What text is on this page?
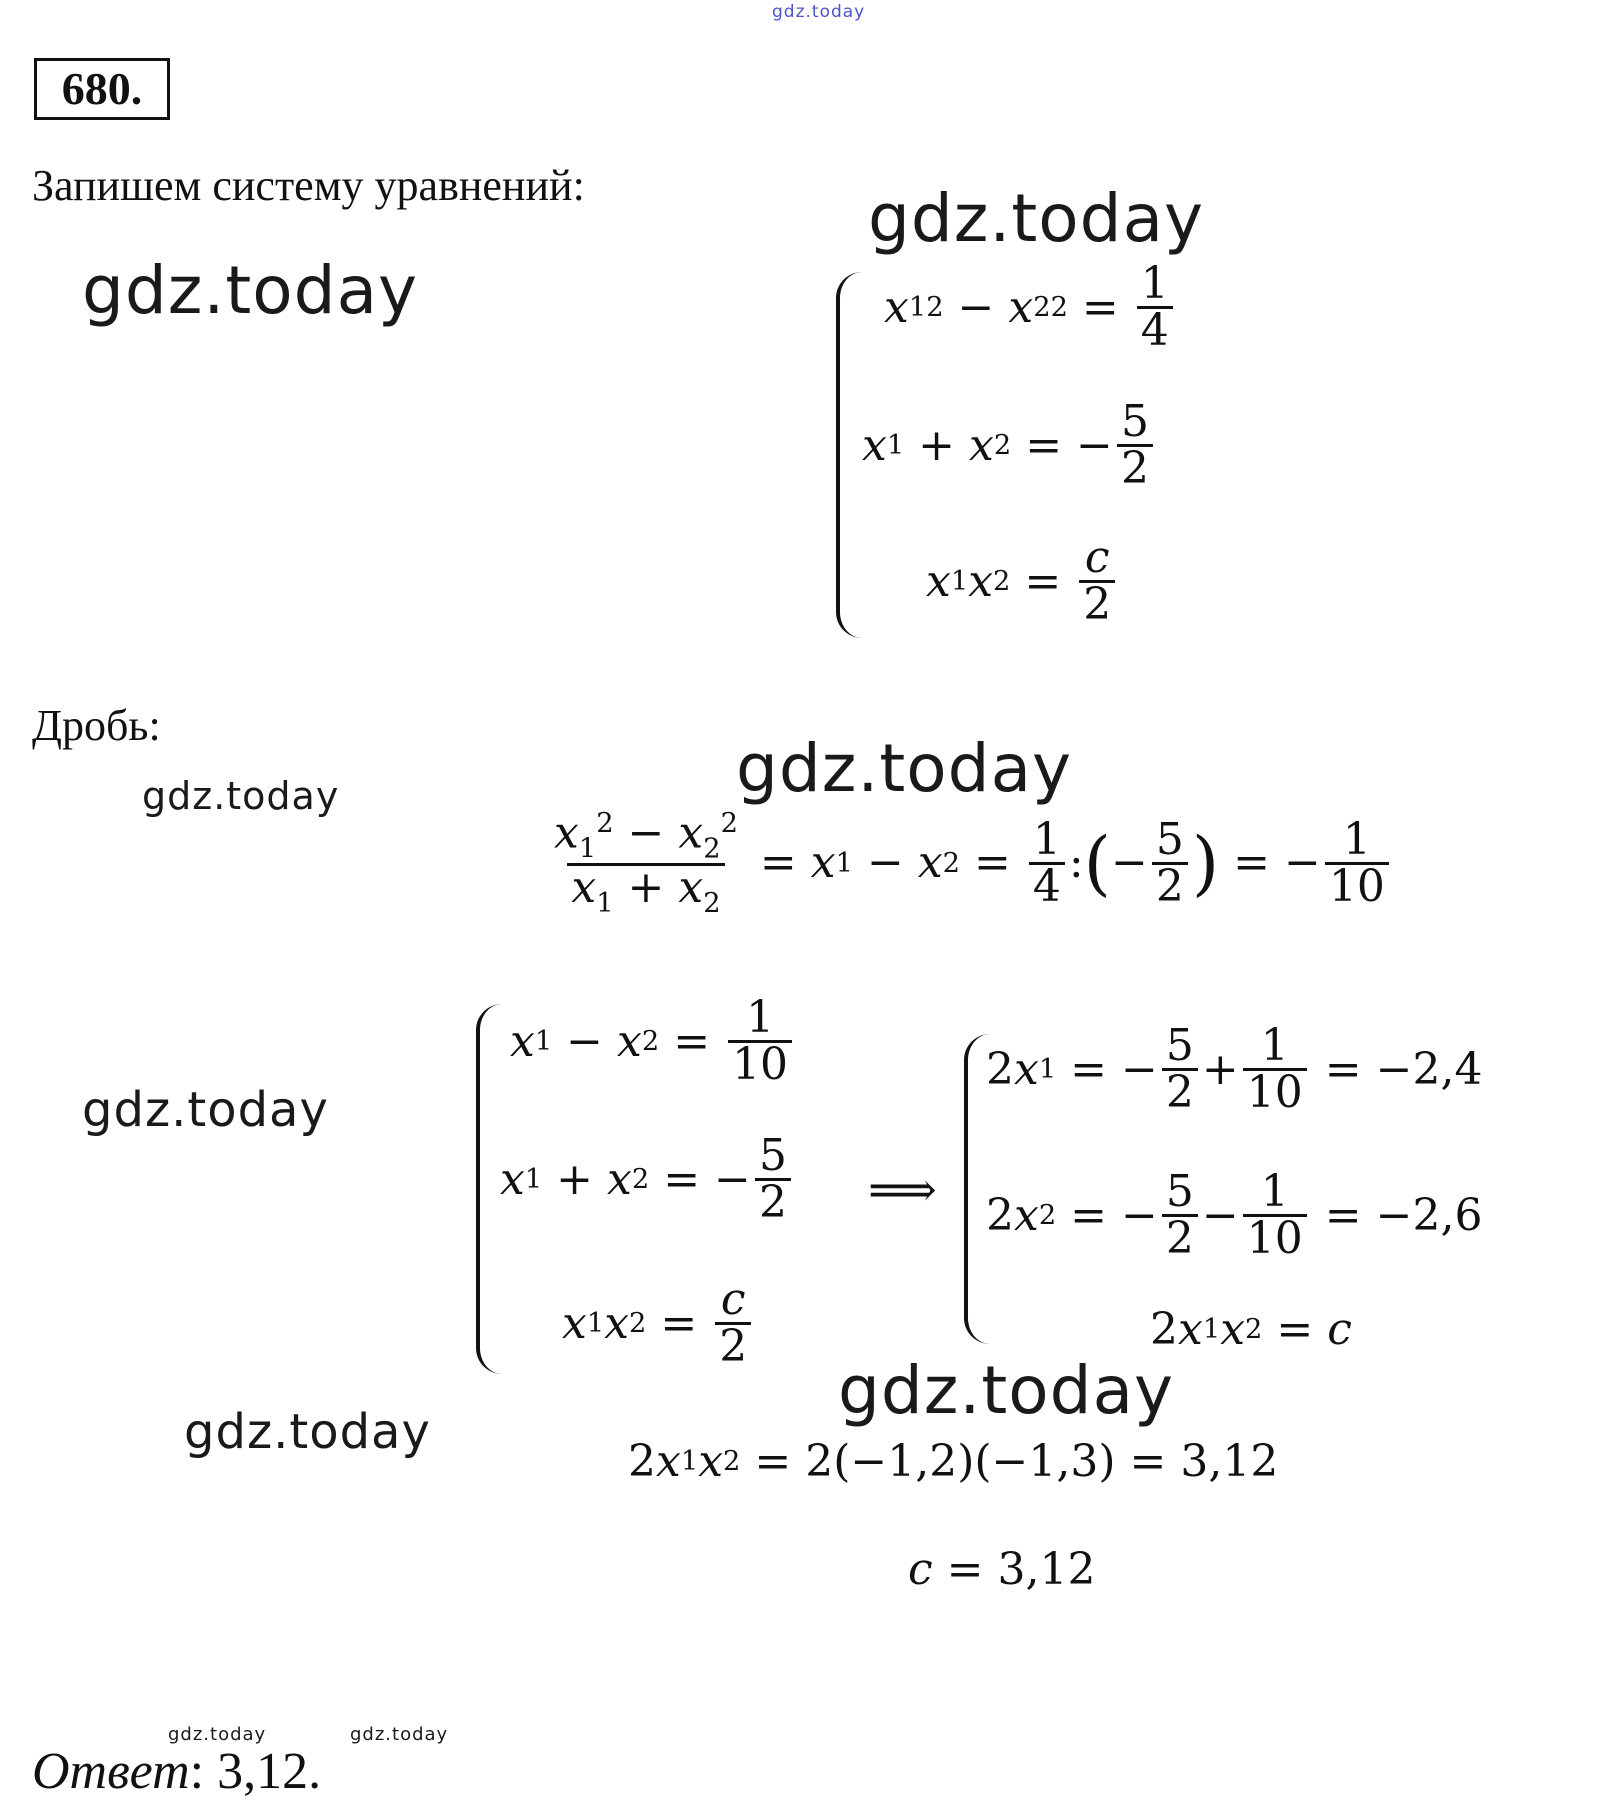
gdz.today
gdz.today
gdz.today
gdz.today
gdz.today
gdz.today
gdz.today
gdz.today
gdz.today	gdz.today
680.
Запишем систему уравнений:
x 1 2 − x 2 $2 = \frac{1}{4}$
x 1 + x 2 = − $\frac{5}{2}$
x 1 x $2 = \frac{c}{2}$
Дробь:
$\frac{x_1^2 - x_2^2}{x_1 + x_2} = x$ 1 − x $2 = \frac{1}{4}$ : ( − $\frac{5}{2}$ ) = − $\frac{1}{10}$
x 1 − x $2 = \frac{1}{10}$
x 1 + x 2 = − $\frac{5}{2}$
x 1 x $2 = \frac{c}{2}$
⟹
2 x 1 = − $\frac{5}{2} + \frac{1}{10} = -2,4$
2 x 2 = − $\frac{5}{2} - \frac{1}{10} = -2,6$
2 x 1 x 2 = c
2 x 1 x 2 = 2(−1,2)(−1,3) = 3,12
c = 3,12
Ответ: 3,12.
